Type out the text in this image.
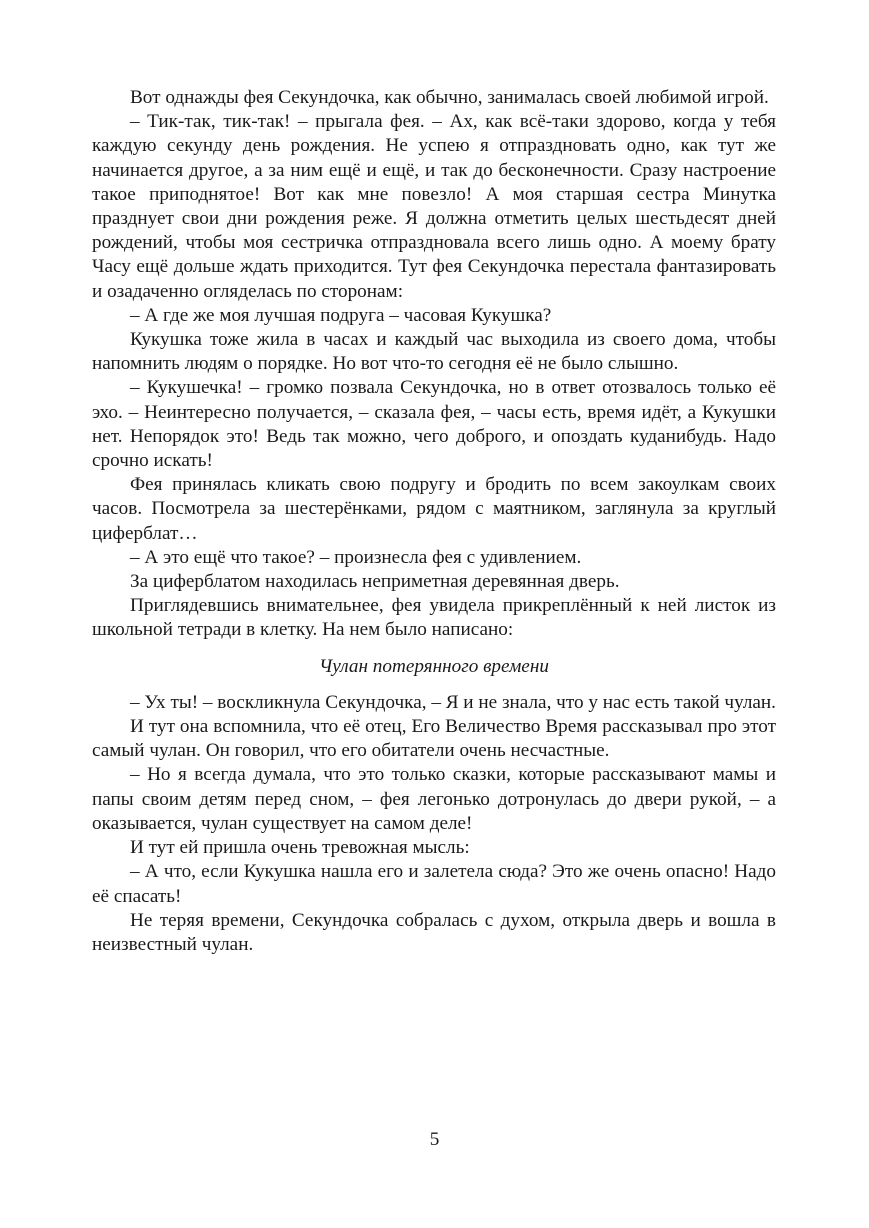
Вот однажды фея Секундочка, как обычно, занималась своей любимой игрой.

– Тик-так, тик-так! – прыгала фея. – Ах, как всё-таки здорово, когда у тебя каждую секунду день рождения. Не успею я отпраздновать одно, как тут же начинается другое, а за ним ещё и ещё, и так до бесконечности. Сразу настроение такое приподнятое! Вот как мне повезло! А моя старшая сестра Минутка празднует свои дни рождения реже. Я должна отметить целых шестьдесят дней рождений, чтобы моя сестричка отпраздновала всего лишь одно. А моему брату Часу ещё дольше ждать приходится. Тут фея Секундочка перестала фантазировать и озадаченно огляделась по сторонам:

– А где же моя лучшая подруга – часовая Кукушка?

Кукушка тоже жила в часах и каждый час выходила из своего дома, чтобы напомнить людям о порядке. Но вот что-то сегодня её не было слышно.

– Кукушечка! – громко позвала Секундочка, но в ответ отозвалось только её эхо. – Неинтересно получается, – сказала фея, – часы есть, время идёт, а Кукушки нет. Непорядок это! Ведь так можно, чего доброго, и опоздать куданибудь. Надо срочно искать!

Фея принялась кликать свою подругу и бродить по всем закоулкам своих часов. Посмотрела за шестерёнками, рядом с маятником, заглянула за круглый циферблат…

– А это ещё что такое? – произнесла фея с удивлением.

За циферблатом находилась неприметная деревянная дверь.

Приглядевшись внимательнее, фея увидела прикреплённый к ней листок из школьной тетради в клетку. На нем было написано:

Чулан потерянного времени

– Ух ты! – воскликнула Секундочка, – Я и не знала, что у нас есть такой чулан.

И тут она вспомнила, что её отец, Его Величество Время рассказывал про этот самый чулан. Он говорил, что его обитатели очень несчастные.

– Но я всегда думала, что это только сказки, которые рассказывают мамы и папы своим детям перед сном, – фея легонько дотронулась до двери рукой, – а оказывается, чулан существует на самом деле!

И тут ей пришла очень тревожная мысль:

– А что, если Кукушка нашла его и залетела сюда? Это же очень опасно! Надо её спасать!

Не теряя времени, Секундочка собралась с духом, открыла дверь и вошла в неизвестный чулан.

5
